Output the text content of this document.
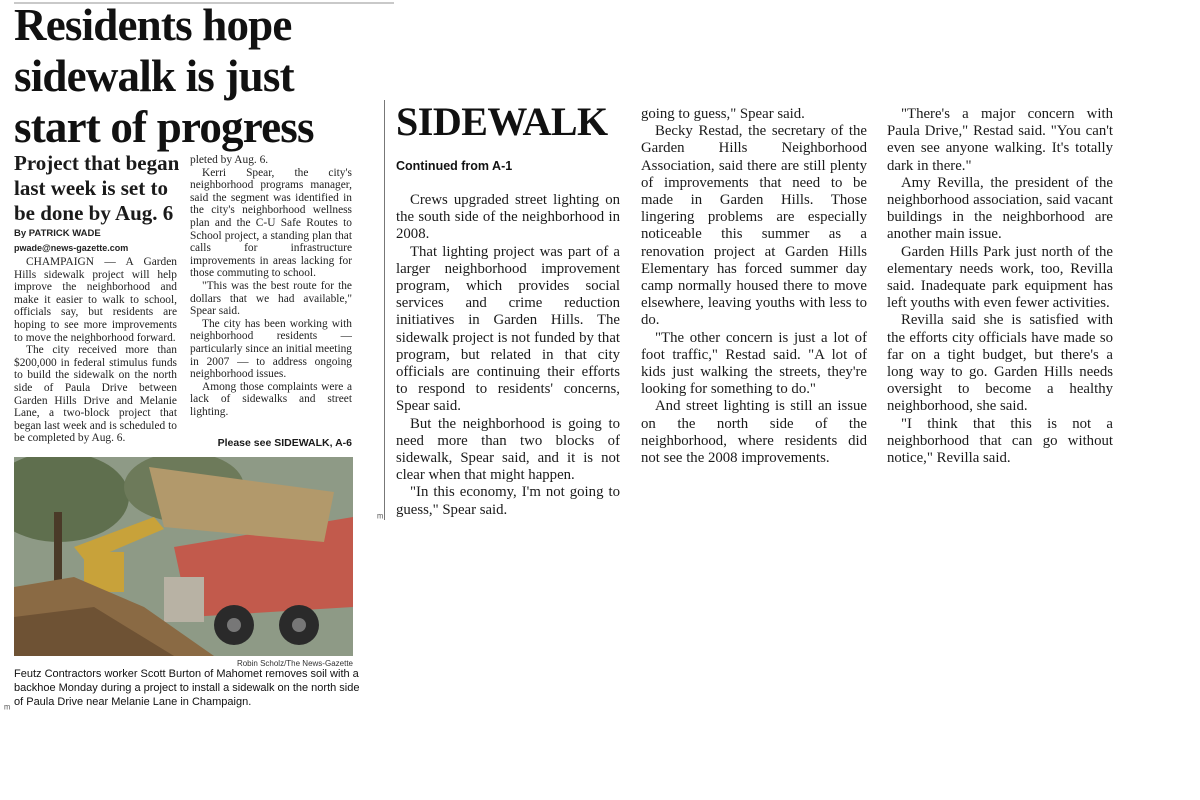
Residents hope sidewalk is just start of progress
Project that began last week is set to be done by Aug. 6
By PATRICK WADE
pwade@news-gazette.com

CHAMPAIGN — A Garden Hills sidewalk project will help improve the neighborhood and make it easier to walk to school, officials say, but residents are hoping to see more improvements to move the neighborhood forward.

The city received more than $200,000 in federal stimulus funds to build the sidewalk on the north side of Paula Drive between Garden Hills Drive and Melanie Lane, a two-block project that began last week and is scheduled to be completed by Aug. 6.

pleted by Aug. 6.

Kerri Spear, the city's neighborhood programs manager, said the segment was identified in the city's neighborhood wellness plan and the C-U Safe Routes to School project, a standing plan that calls for infrastructure improvements in areas lacking for those commuting to school.

"This was the best route for the dollars that we had available," Spear said.

The city has been working with neighborhood residents — particularly since an initial meeting in 2007 — to address ongoing neighborhood issues.

Among those complaints were a lack of sidewalks and street lighting.

Please see SIDEWALK, A-6
Robin Scholz/The News-Gazette

Feutz Contractors worker Scott Burton of Mahomet removes soil with a backhoe Monday during a project to install a sidewalk on the north side of Paula Drive near Melanie Lane in Champaign.

ᵐ
ᵐ
SIDEWALK
Continued from A-1

Crews upgraded street lighting on the south side of the neighborhood in 2008.

That lighting project was part of a larger neighborhood improvement program, which provides social services and crime reduction initiatives in Garden Hills. The sidewalk project is not funded by that program, but related in that city officials are continuing their efforts to respond to residents' concerns, Spear said.

But the neighborhood is going to need more than two blocks of sidewalk, Spear said, and it is not clear when that might happen.

"In this economy, I'm not going to guess," Spear said.

going to guess," Spear said.

Becky Restad, the secretary of the Garden Hills Neighborhood Association, said there are still plenty of improvements that need to be made in Garden Hills. Those lingering problems are especially noticeable this summer as a renovation project at Garden Hills Elementary has forced summer day camp normally housed there to move elsewhere, leaving youths with less to do.

"The other concern is just a lot of foot traffic," Restad said. "A lot of kids just walking the streets, they're looking for something to do."

And street lighting is still an issue on the north side of the neighborhood, where residents did not see the 2008 improvements.

"There's a major concern with Paula Drive," Restad said. "You can't even see anyone walking. It's totally dark in there."

Amy Revilla, the president of the neighborhood association, said vacant buildings in the neighborhood are another main issue.

Garden Hills Park just north of the elementary needs work, too, Revilla said. Inadequate park equipment has left youths with even fewer activities.

Revilla said she is satisfied with the efforts city officials have made so far on a tight budget, but there's a long way to go. Garden Hills needs oversight to become a healthy neighborhood, she said.

"I think that this is not a neighborhood that can go without notice," Revilla said.
